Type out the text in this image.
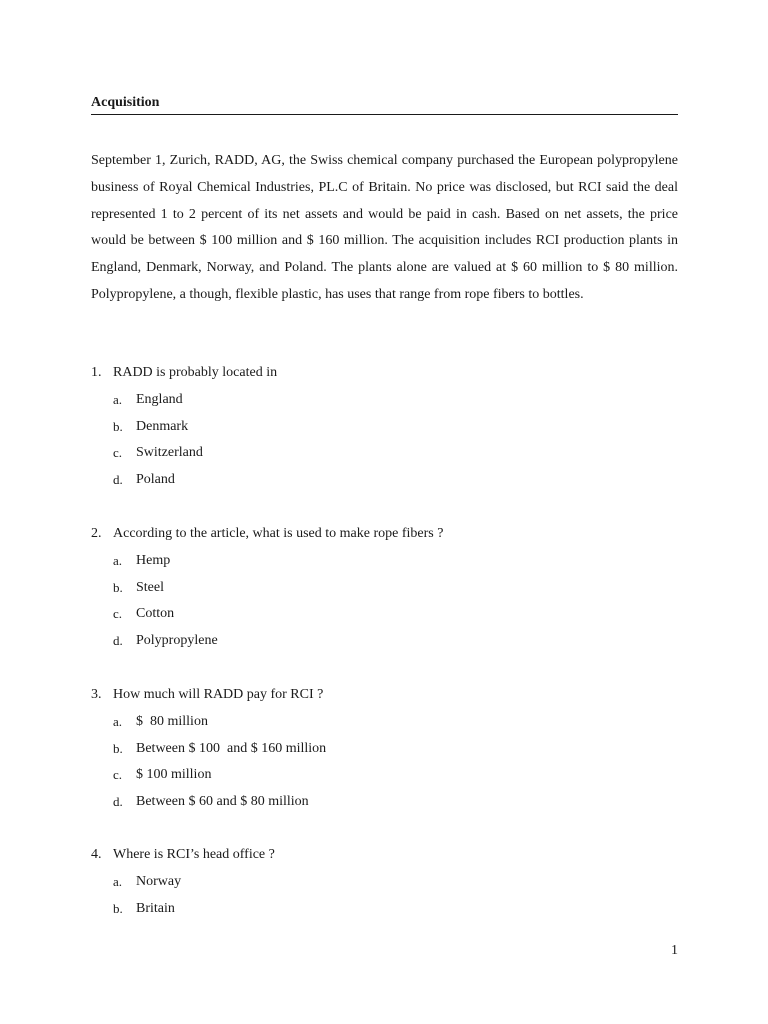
Acquisition

September 1, Zurich, RADD, AG, the Swiss chemical company purchased the European polypropylene business of Royal Chemical Industries, PL.C of Britain. No price was disclosed, but RCI said the deal represented 1 to 2 percent of its net assets and would be paid in cash. Based on net assets, the price would be between $ 100 million and $ 160 million. The acquisition includes RCI production plants in England, Denmark, Norway, and Poland. The plants alone are valued at $ 60 million to $ 80 million. Polypropylene, a though, flexible plastic, has uses that range from rope fibers to bottles.

1. RADD is probably located in
a. England
b. Denmark
c. Switzerland
d. Poland
2. According to the article, what is used to make rope fibers ?
a. Hemp
b. Steel
c. Cotton
d. Polypropylene
3. How much will RADD pay for RCI ?
a. $  80 million
b. Between $ 100  and $ 160 million
c. $ 100 million
d. Between $ 60 and $ 80 million
4. Where is RCI’s head office ?
a. Norway
b. Britain
1
